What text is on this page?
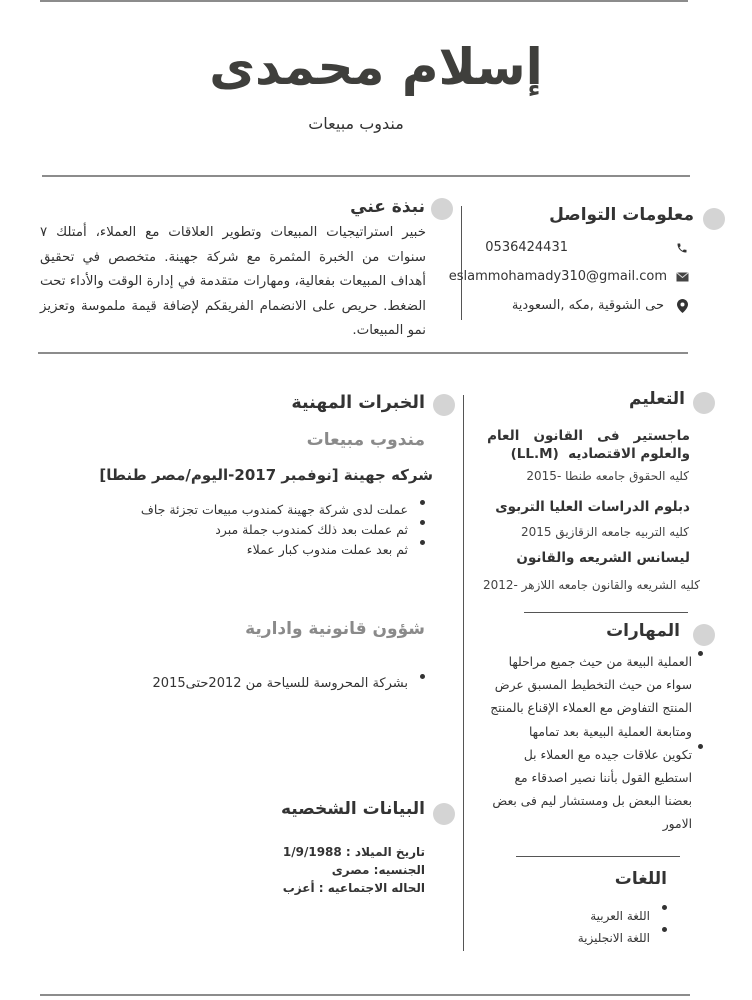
إسلام محمدى
مندوب مبيعات
معلومات التواصل
0536424431
eslammohamady310@gmail.com
حى الشوقية ,مكه ,السعودية
نبذة عني
خبير استراتيجيات المبيعات وتطوير العلاقات مع العملاء، أمتلك ٧ سنوات من الخبرة المثمرة مع شركة جهينة. متخصص في تحقيق أهداف المبيعات بفعالية، ومهارات متقدمة في إدارة الوقت والأداء تحت الضغط. حريص على الانضمام الفريقكم لإضافة قيمة ملموسة وتعزيز نمو المبيعات.
التعليم
ماجستير   فى   القانون   العام
والعلوم الاقتصاديه  (LL.M)
كليه الحقوق جامعه طنطا -2015
دبلوم الدراسات العليا التربوى
كليه التربيه جامعه الزقازيق 2015
ليسانس الشريعه والقانون
كليه الشريعه والقانون جامعه اللازهر -2012
المهارات
العملية البيعة من حيث جميع مراحلها سواء من حيث التخطيط المسبق عرض المنتج التفاوض مع العملاء الإقناع بالمنتج ومتابعة العملية البيعية بعد تمامها
تكوين علاقات جيده مع العملاء بل استطيع القول بأننا نصير اصدقاء مع بعضنا البعض بل ومستشار ليم فى بعض الامور
اللغات
اللغة العربية
اللغة الانجليزية
الخبرات المهنية
مندوب مبيعات
شركه جهينة [نوفمبر 2017-اليوم/مصر طنطا]
عملت لدى شركة جهينة كمندوب مبيعات تجزئة جاف
ثم عملت بعد ذلك كمندوب جملة مبرد
ثم بعد عملت مندوب كبار عملاء
شؤون قانونية وادارية
بشركة المحروسة للسياحة من 2012حتى2015
البيانات الشخصيه
تاريخ الميلاد : 1/9/1988
الجنسيه: مصرى
الحاله الاجتماعيه : أعزب
